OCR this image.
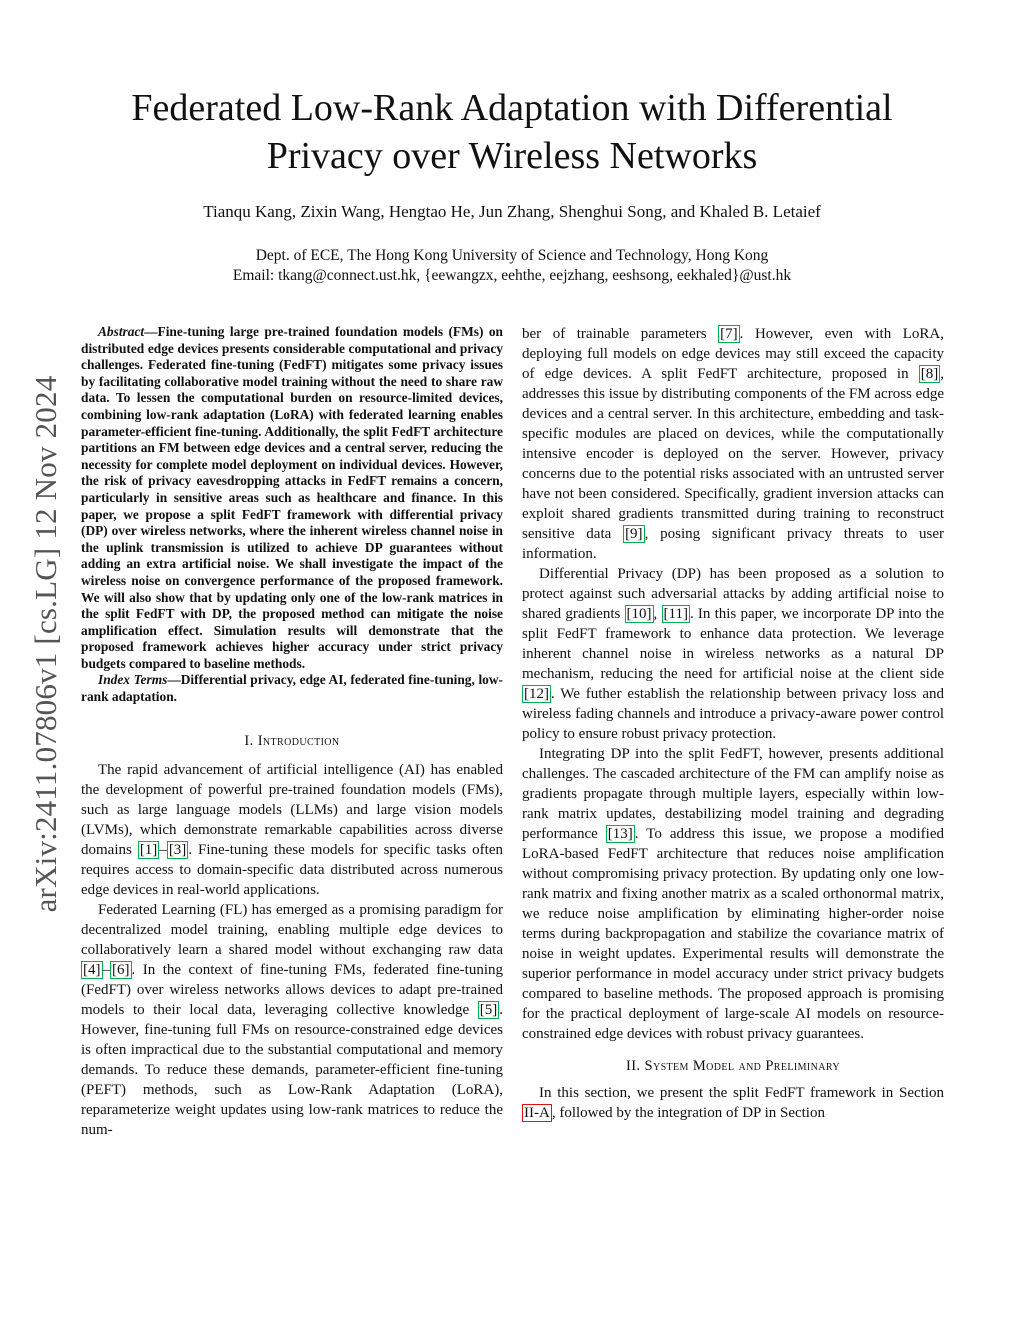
arXiv:2411.07806v1 [cs.LG] 12 Nov 2024
Federated Low-Rank Adaptation with Differential Privacy over Wireless Networks
Tianqu Kang, Zixin Wang, Hengtao He, Jun Zhang, Shenghui Song, and Khaled B. Letaief
Dept. of ECE, The Hong Kong University of Science and Technology, Hong Kong
Email: tkang@connect.ust.hk, {eewangzx, eehthe, eejzhang, eeshsong, eekhaled}@ust.hk

Abstract—Fine-tuning large pre-trained foundation models (FMs) on distributed edge devices presents considerable computational and privacy challenges. Federated fine-tuning (FedFT) mitigates some privacy issues by facilitating collaborative model training without the need to share raw data. To lessen the computational burden on resource-limited devices, combining low-rank adaptation (LoRA) with federated learning enables parameter-efficient fine-tuning. Additionally, the split FedFT architecture partitions an FM between edge devices and a central server, reducing the necessity for complete model deployment on individual devices. However, the risk of privacy eavesdropping attacks in FedFT remains a concern, particularly in sensitive areas such as healthcare and finance. In this paper, we propose a split FedFT framework with differential privacy (DP) over wireless networks, where the inherent wireless channel noise in the uplink transmission is utilized to achieve DP guarantees without adding an extra artificial noise. We shall investigate the impact of the wireless noise on convergence performance of the proposed framework. We will also show that by updating only one of the low-rank matrices in the split FedFT with DP, the proposed method can mitigate the noise amplification effect. Simulation results will demonstrate that the proposed framework achieves higher accuracy under strict privacy budgets compared to baseline methods.

Index Terms—Differential privacy, edge AI, federated fine-tuning, low-rank adaptation.

I. Introduction

The rapid advancement of artificial intelligence (AI) has enabled the development of powerful pre-trained foundation models (FMs), such as large language models (LLMs) and large vision models (LVMs), which demonstrate remarkable capabilities across diverse domains [1] – [3] . Fine-tuning these models for specific tasks often requires access to domain-specific data distributed across numerous edge devices in real-world applications.

Federated Learning (FL) has emerged as a promising paradigm for decentralized model training, enabling multiple edge devices to collaboratively learn a shared model without exchanging raw data [4] – [6] . In the context of fine-tuning FMs, federated fine-tuning (FedFT) over wireless networks allows devices to adapt pre-trained models to their local data, leveraging collective knowledge [5] . However, fine-tuning full FMs on resource-constrained edge devices is often impractical due to the substantial computational and memory demands. To reduce these demands, parameter-efficient fine-tuning (PEFT) methods, such as Low-Rank Adaptation (LoRA), reparameterize weight updates using low-rank matrices to reduce the num-

ber of trainable parameters [7] . However, even with LoRA, deploying full models on edge devices may still exceed the capacity of edge devices. A split FedFT architecture, proposed in [8] , addresses this issue by distributing components of the FM across edge devices and a central server. In this architecture, embedding and task-specific modules are placed on devices, while the computationally intensive encoder is deployed on the server. However, privacy concerns due to the potential risks associated with an untrusted server have not been considered. Specifically, gradient inversion attacks can exploit shared gradients transmitted during training to reconstruct sensitive data [9] , posing significant privacy threats to user information.

Differential Privacy (DP) has been proposed as a solution to protect against such adversarial attacks by adding artificial noise to shared gradients [10] , [11] . In this paper, we incorporate DP into the split FedFT framework to enhance data protection. We leverage inherent channel noise in wireless networks as a natural DP mechanism, reducing the need for artificial noise at the client side [12] . We futher establish the relationship between privacy loss and wireless fading channels and introduce a privacy-aware power control policy to ensure robust privacy protection.

Integrating DP into the split FedFT, however, presents additional challenges. The cascaded architecture of the FM can amplify noise as gradients propagate through multiple layers, especially within low-rank matrix updates, destabilizing model training and degrading performance [13] . To address this issue, we propose a modified LoRA-based FedFT architecture that reduces noise amplification without compromising privacy protection. By updating only one low-rank matrix and fixing another matrix as a scaled orthonormal matrix, we reduce noise amplification by eliminating higher-order noise terms during backpropagation and stabilize the covariance matrix of noise in weight updates. Experimental results will demonstrate the superior performance in model accuracy under strict privacy budgets compared to baseline methods. The proposed approach is promising for the practical deployment of large-scale AI models on resource-constrained edge devices with robust privacy guarantees.

II. System Model and Preliminary

In this section, we present the split FedFT framework in Section II-A , followed by the integration of DP in Section
